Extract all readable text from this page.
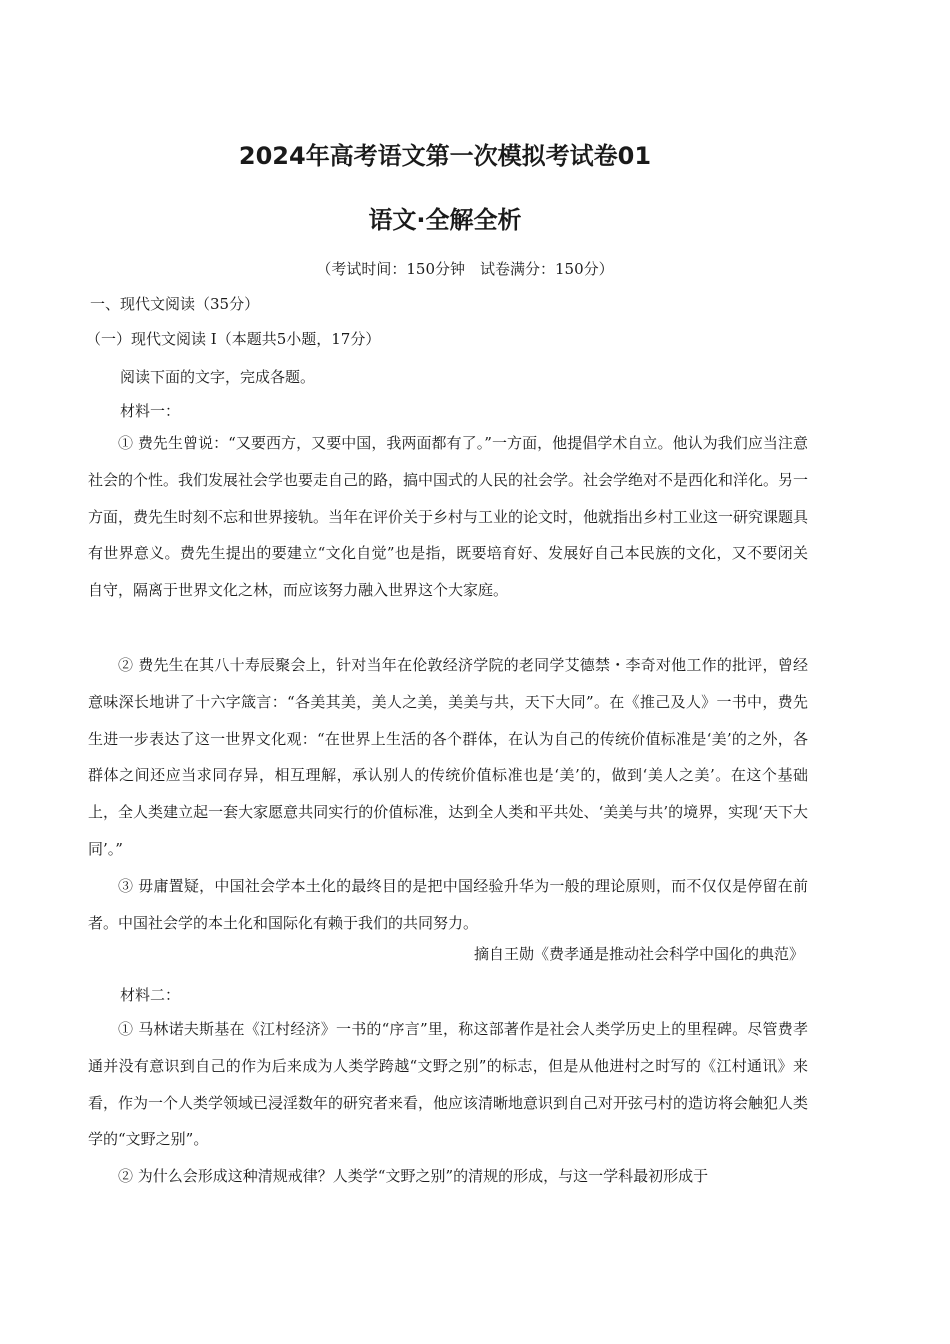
2024年高考语文第一次模拟考试卷01
语文·全解全析
（考试时间：150分钟　试卷满分：150分）
一、现代文阅读（35分）
（一）现代文阅读 I（本题共5小题，17分）
阅读下面的文字，完成各题。
材料一：

① 费先生曾说：“又要西方，又要中国，我两面都有了。”一方面，他提倡学术自立。他认为我们应当注意社会的个性。我们发展社会学也要走自己的路，搞中国式的人民的社会学。社会学绝对不是西化和洋化。另一方面，费先生时刻不忘和世界接轨。当年在评价关于乡村与工业的论文时，他就指出乡村工业这一研究课题具有世界意义。费先生提出的要建立“文化自觉”也是指，既要培育好、发展好自己本民族的文化，又不要闭关自守，隔离于世界文化之林，而应该努力融入世界这个大家庭。

② 费先生在其八十寿辰聚会上，针对当年在伦敦经济学院的老同学艾德禁・李奇对他工作的批评，曾经意味深长地讲了十六字箴言：“各美其美，美人之美，美美与共，天下大同”。在《推己及人》一书中，费先生进一步表达了这一世界文化观：“在世界上生活的各个群体，在认为自己的传统价值标准是‘美’的之外，各群体之间还应当求同存异，相互理解，承认别人的传统价值标准也是‘美’的，做到‘美人之美’。在这个基础上，全人类建立起一套大家愿意共同实行的价值标准，达到全人类和平共处、‘美美与共’的境界，实现‘天下大同’。”

③ 毋庸置疑，中国社会学本土化的最终目的是把中国经验升华为一般的理论原则，而不仅仅是停留在前者。中国社会学的本土化和国际化有赖于我们的共同努力。

摘自王勋《费孝通是推动社会科学中国化的典范》
材料二：

① 马林诺夫斯基在《江村经济》一书的“序言”里，称这部著作是社会人类学历史上的里程碑。尽管费孝通并没有意识到自己的作为后来成为人类学跨越“文野之别”的标志，但是从他进村之时写的《江村通讯》来看，作为一个人类学领域已浸淫数年的研究者来看，他应该清晰地意识到自己对开弦弓村的造访将会触犯人类学的“文野之别”。

② 为什么会形成这种清规戒律？人类学“文野之别”的清规的形成，与这一学科最初形成于
